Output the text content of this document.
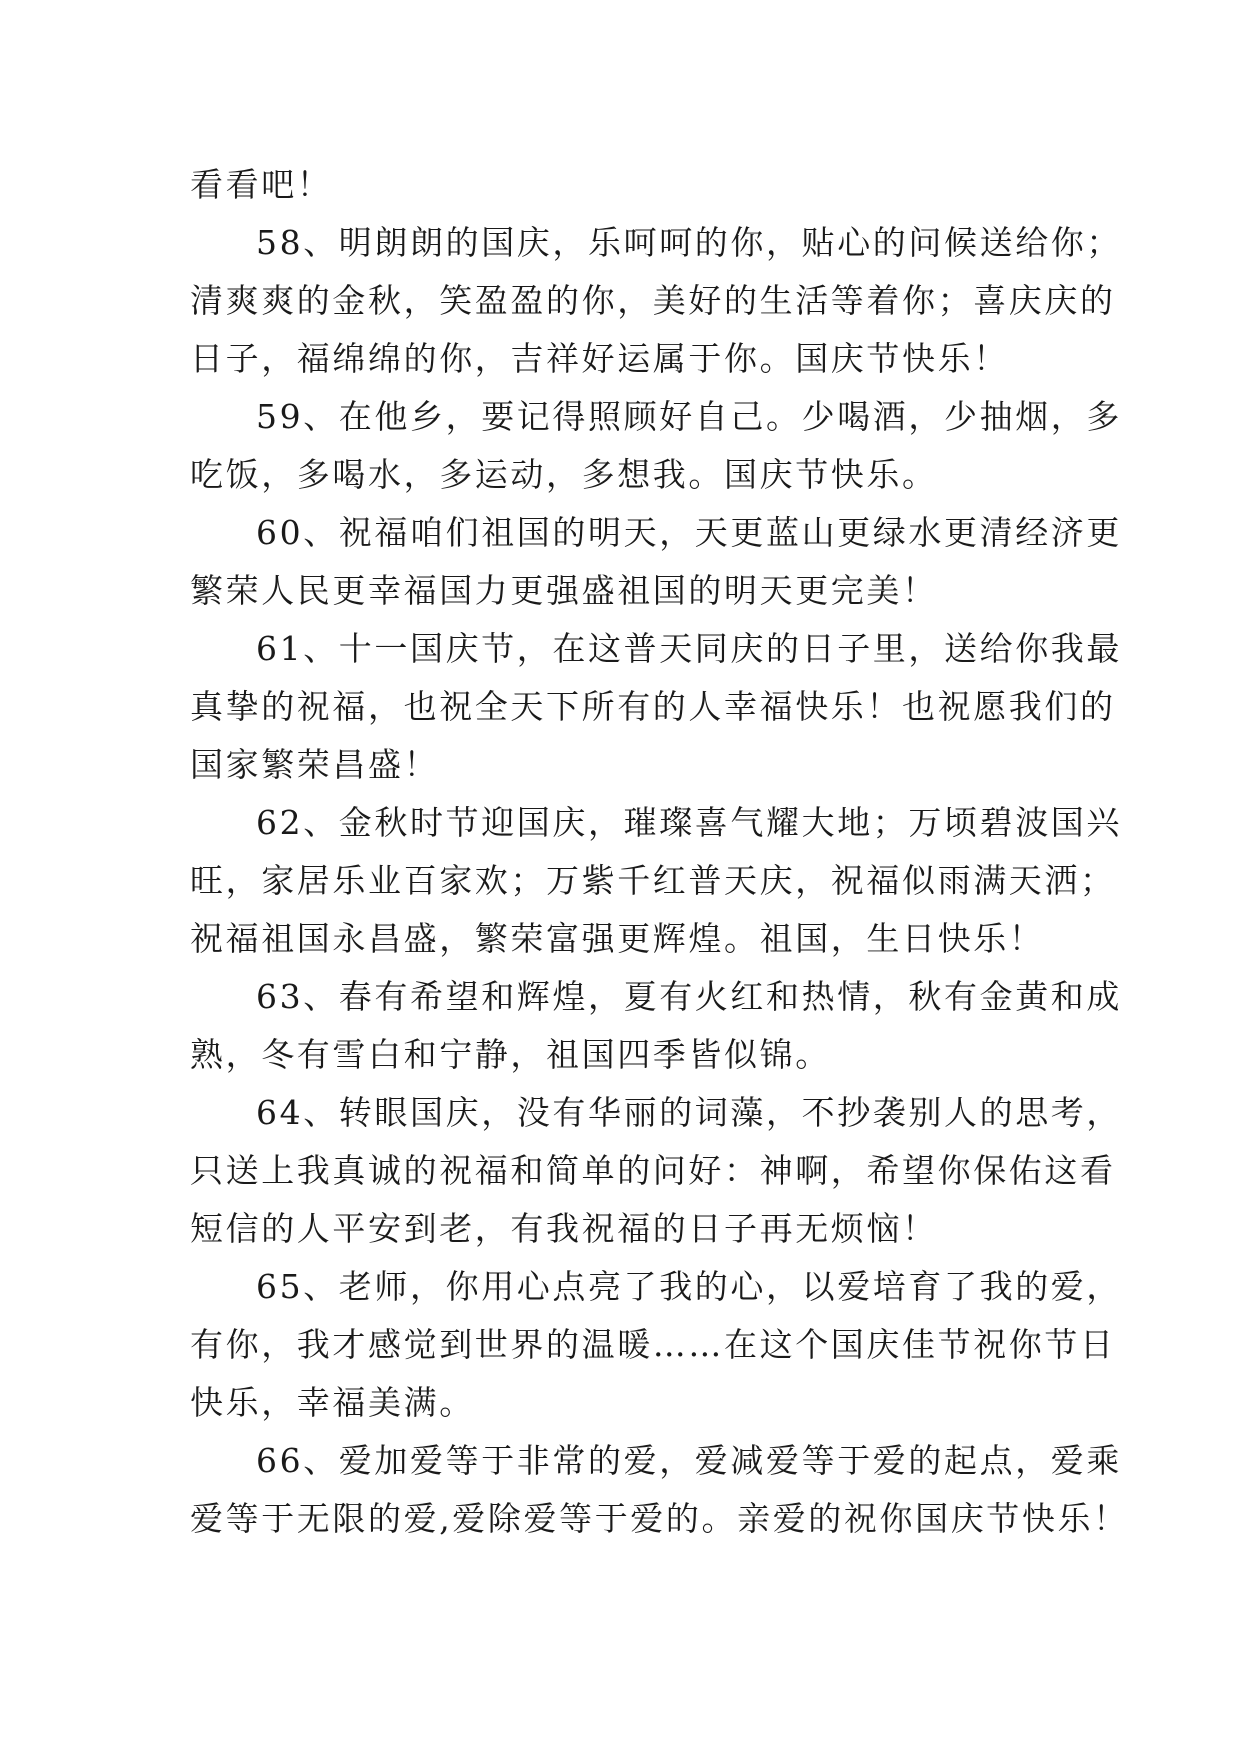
看看吧！

58、明朗朗的国庆，乐呵呵的你，贴心的问候送给你；
清爽爽的金秋，笑盈盈的你，美好的生活等着你；喜庆庆的
日子，福绵绵的你，吉祥好运属于你。国庆节快乐！

59、在他乡，要记得照顾好自己。少喝酒，少抽烟，多
吃饭，多喝水，多运动，多想我。国庆节快乐。

60、祝福咱们祖国的明天，天更蓝山更绿水更清经济更
繁荣人民更幸福国力更强盛祖国的明天更完美！

61、十一国庆节，在这普天同庆的日子里，送给你我最
真挚的祝福，也祝全天下所有的人幸福快乐！也祝愿我们的
国家繁荣昌盛！

62、金秋时节迎国庆，璀璨喜气耀大地；万顷碧波国兴
旺，家居乐业百家欢；万紫千红普天庆，祝福似雨满天洒；
祝福祖国永昌盛，繁荣富强更辉煌。祖国，生日快乐！

63、春有希望和辉煌，夏有火红和热情，秋有金黄和成
熟，冬有雪白和宁静，祖国四季皆似锦。

64、转眼国庆，没有华丽的词藻，不抄袭别人的思考，
只送上我真诚的祝福和简单的问好：神啊，希望你保佑这看
短信的人平安到老，有我祝福的日子再无烦恼！

65、老师，你用心点亮了我的心，以爱培育了我的爱，
有你，我才感觉到世界的温暖……在这个国庆佳节祝你节日
快乐，幸福美满。

66、爱加爱等于非常的爱，爱减爱等于爱的起点，爱乘
爱等于无限的爱,爱除爱等于爱的。亲爱的祝你国庆节快乐！
